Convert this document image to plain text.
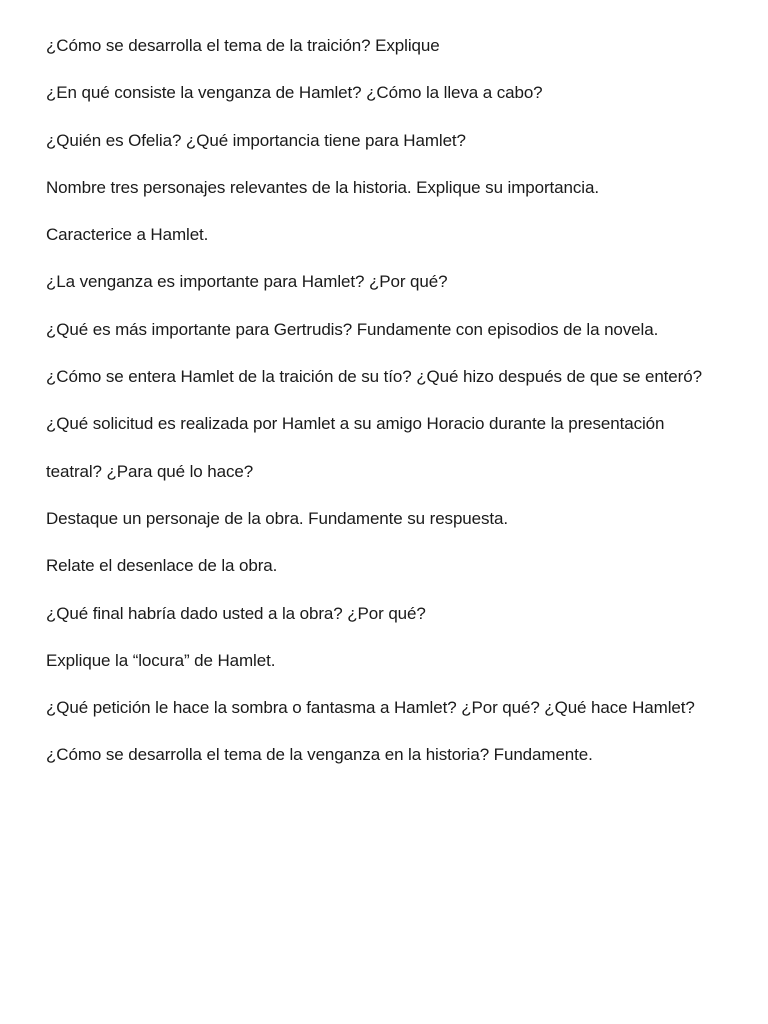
¿Cómo se desarrolla el tema de la traición? Explique
¿En qué consiste la venganza de Hamlet? ¿Cómo la lleva a cabo?
¿Quién es Ofelia? ¿Qué importancia tiene para Hamlet?
Nombre tres personajes relevantes de la historia. Explique su importancia.
Caracterice a Hamlet.
¿La venganza es importante para Hamlet? ¿Por qué?
¿Qué es más importante para Gertrudis? Fundamente con episodios de la novela.
¿Cómo se entera Hamlet de la traición de su tío? ¿Qué hizo después de que se enteró?
¿Qué solicitud es realizada por Hamlet a su amigo Horacio durante la presentación
teatral? ¿Para qué lo hace?
Destaque un personaje de la obra. Fundamente su respuesta.
Relate el desenlace de la obra.
¿Qué final habría dado usted a la obra? ¿Por qué?
Explique la “locura” de Hamlet.
¿Qué petición le hace la sombra o fantasma a Hamlet? ¿Por qué? ¿Qué hace Hamlet?
¿Cómo se desarrolla el tema de la venganza en la historia? Fundamente.
